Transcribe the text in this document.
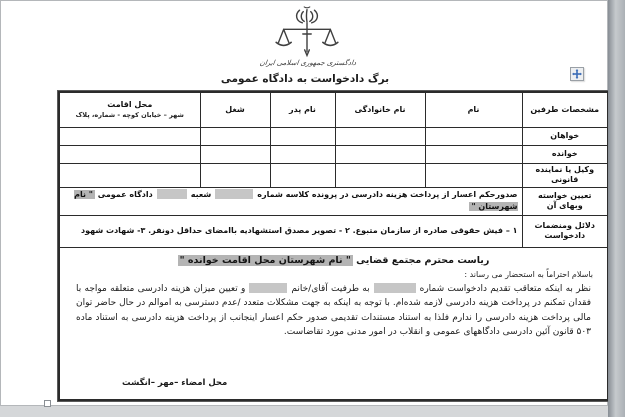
دادگستری جمهوری اسلامی ایران
برگ دادخواست به دادگاه عمومی
مشخصات طرفین	نام	نام خانوادگی	نام پدر	شغل	محل اقامت
شهر – خیابان کوچه - شماره، پلاک

خواهان					
خوانده					
وکیل یا نماینده قانونی					
تعیین خواسته وبهای آن	صدورحکم اعسار از پرداخت هزینه دادرسی در پرونده کلاسه شمارهشعبهدادگاه عمومی " نام شهرستان "				
دلائل ومنضمات دادخواست	۱ – فیش حقوقی صادره از سازمان متبوع. ۲ - تصویر مصدق استشهادیه باامضای حداقل دونفر. ۳- شهادت شهود				

ریاست محترم مجتمع قضایی " نام شهرستان محل اقامت خوانده "
باسلام احتراماً به استحضار می رساند :

نظر به اینکه متعاقب تقدیم دادخواست شمارهبه طرفیت آقای/خانمو تعیین میزان هزینه دادرسی متعلقه مواجه با فقدان تمکنم در پرداخت هزینه دادرسی لازمه شده‌ام. با توجه به اینکه به جهت مشکلات متعدد /عدم دسترسی به اموالم در حال حاضر توان مالی پرداخت هزینه دادرسی را ندارم فلذا به استناد مستندات تقدیمی صدور حکم اعسار اینجانب از پرداخت هزینه دادرسی به استناد ماده ۵۰۳ قانون آئین دادرسی دادگاههای عمومی و انقلاب در امور مدنی مورد تقاضاست.

محل امضاء –مهر –انگشت					
